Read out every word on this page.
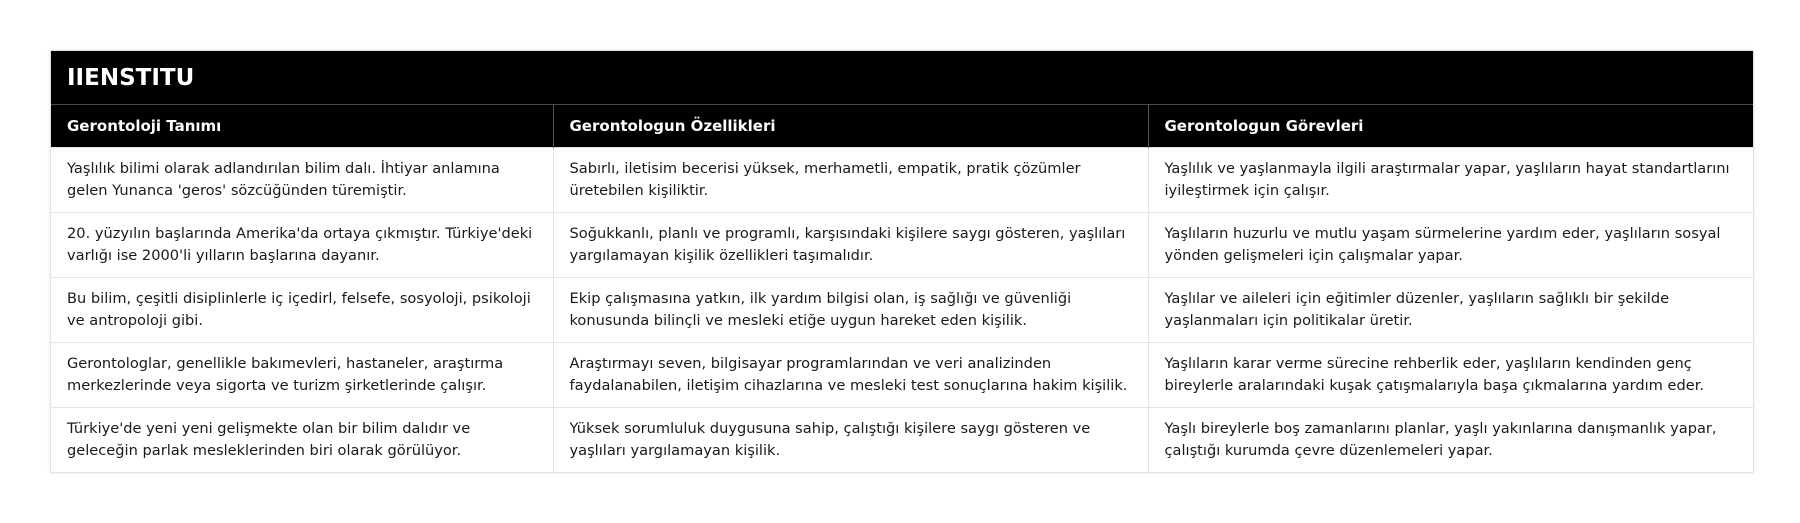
IIENSTITU
Gerontoloji Tanımı	Gerontologun Özellikleri	Gerontologun Görevleri
Yaşlılık bilimi olarak adlandırılan bilim dalı. İhtiyar anlamına gelen Yunanca 'geros' sözcüğünden türemiştir.	Sabırlı, iletisim becerisi yüksek, merhametli, empatik, pratik çözümler üretebilen kişiliktir.	Yaşlılık ve yaşlanmayla ilgili araştırmalar yapar, yaşlıların hayat standartlarını iyileştirmek için çalışır.
20. yüzyılın başlarında Amerika'da ortaya çıkmıştır. Türkiye'deki varlığı ise 2000'li yılların başlarına dayanır.	Soğukkanlı, planlı ve programlı, karşısındaki kişilere saygı gösteren, yaşlıları yargılamayan kişilik özellikleri taşımalıdır.	Yaşlıların huzurlu ve mutlu yaşam sürmelerine yardım eder, yaşlıların sosyal yönden gelişmeleri için çalışmalar yapar.
Bu bilim, çeşitli disiplinlerle iç içedirl, felsefe, sosyoloji, psikoloji ve antropoloji gibi.	Ekip çalışmasına yatkın, ilk yardım bilgisi olan, iş sağlığı ve güvenliği konusunda bilinçli ve mesleki etiğe uygun hareket eden kişilik.	Yaşlılar ve aileleri için eğitimler düzenler, yaşlıların sağlıklı bir şekilde yaşlanmaları için politikalar üretir.
Gerontologlar, genellikle bakımevleri, hastaneler, araştırma merkezlerinde veya sigorta ve turizm şirketlerinde çalışır.	Araştırmayı seven, bilgisayar programlarından ve veri analizinden faydalanabilen, iletişim cihazlarına ve mesleki test sonuçlarına hakim kişilik.	Yaşlıların karar verme sürecine rehberlik eder, yaşlıların kendinden genç bireylerle aralarındaki kuşak çatışmalarıyla başa çıkmalarına yardım eder.
Türkiye'de yeni yeni gelişmekte olan bir bilim dalıdır ve geleceğin parlak mesleklerinden biri olarak görülüyor.	Yüksek sorumluluk duygusuna sahip, çalıştığı kişilere saygı gösteren ve yaşlıları yargılamayan kişilik.	Yaşlı bireylerle boş zamanlarını planlar, yaşlı yakınlarına danışmanlık yapar, çalıştığı kurumda çevre düzenlemeleri yapar.
